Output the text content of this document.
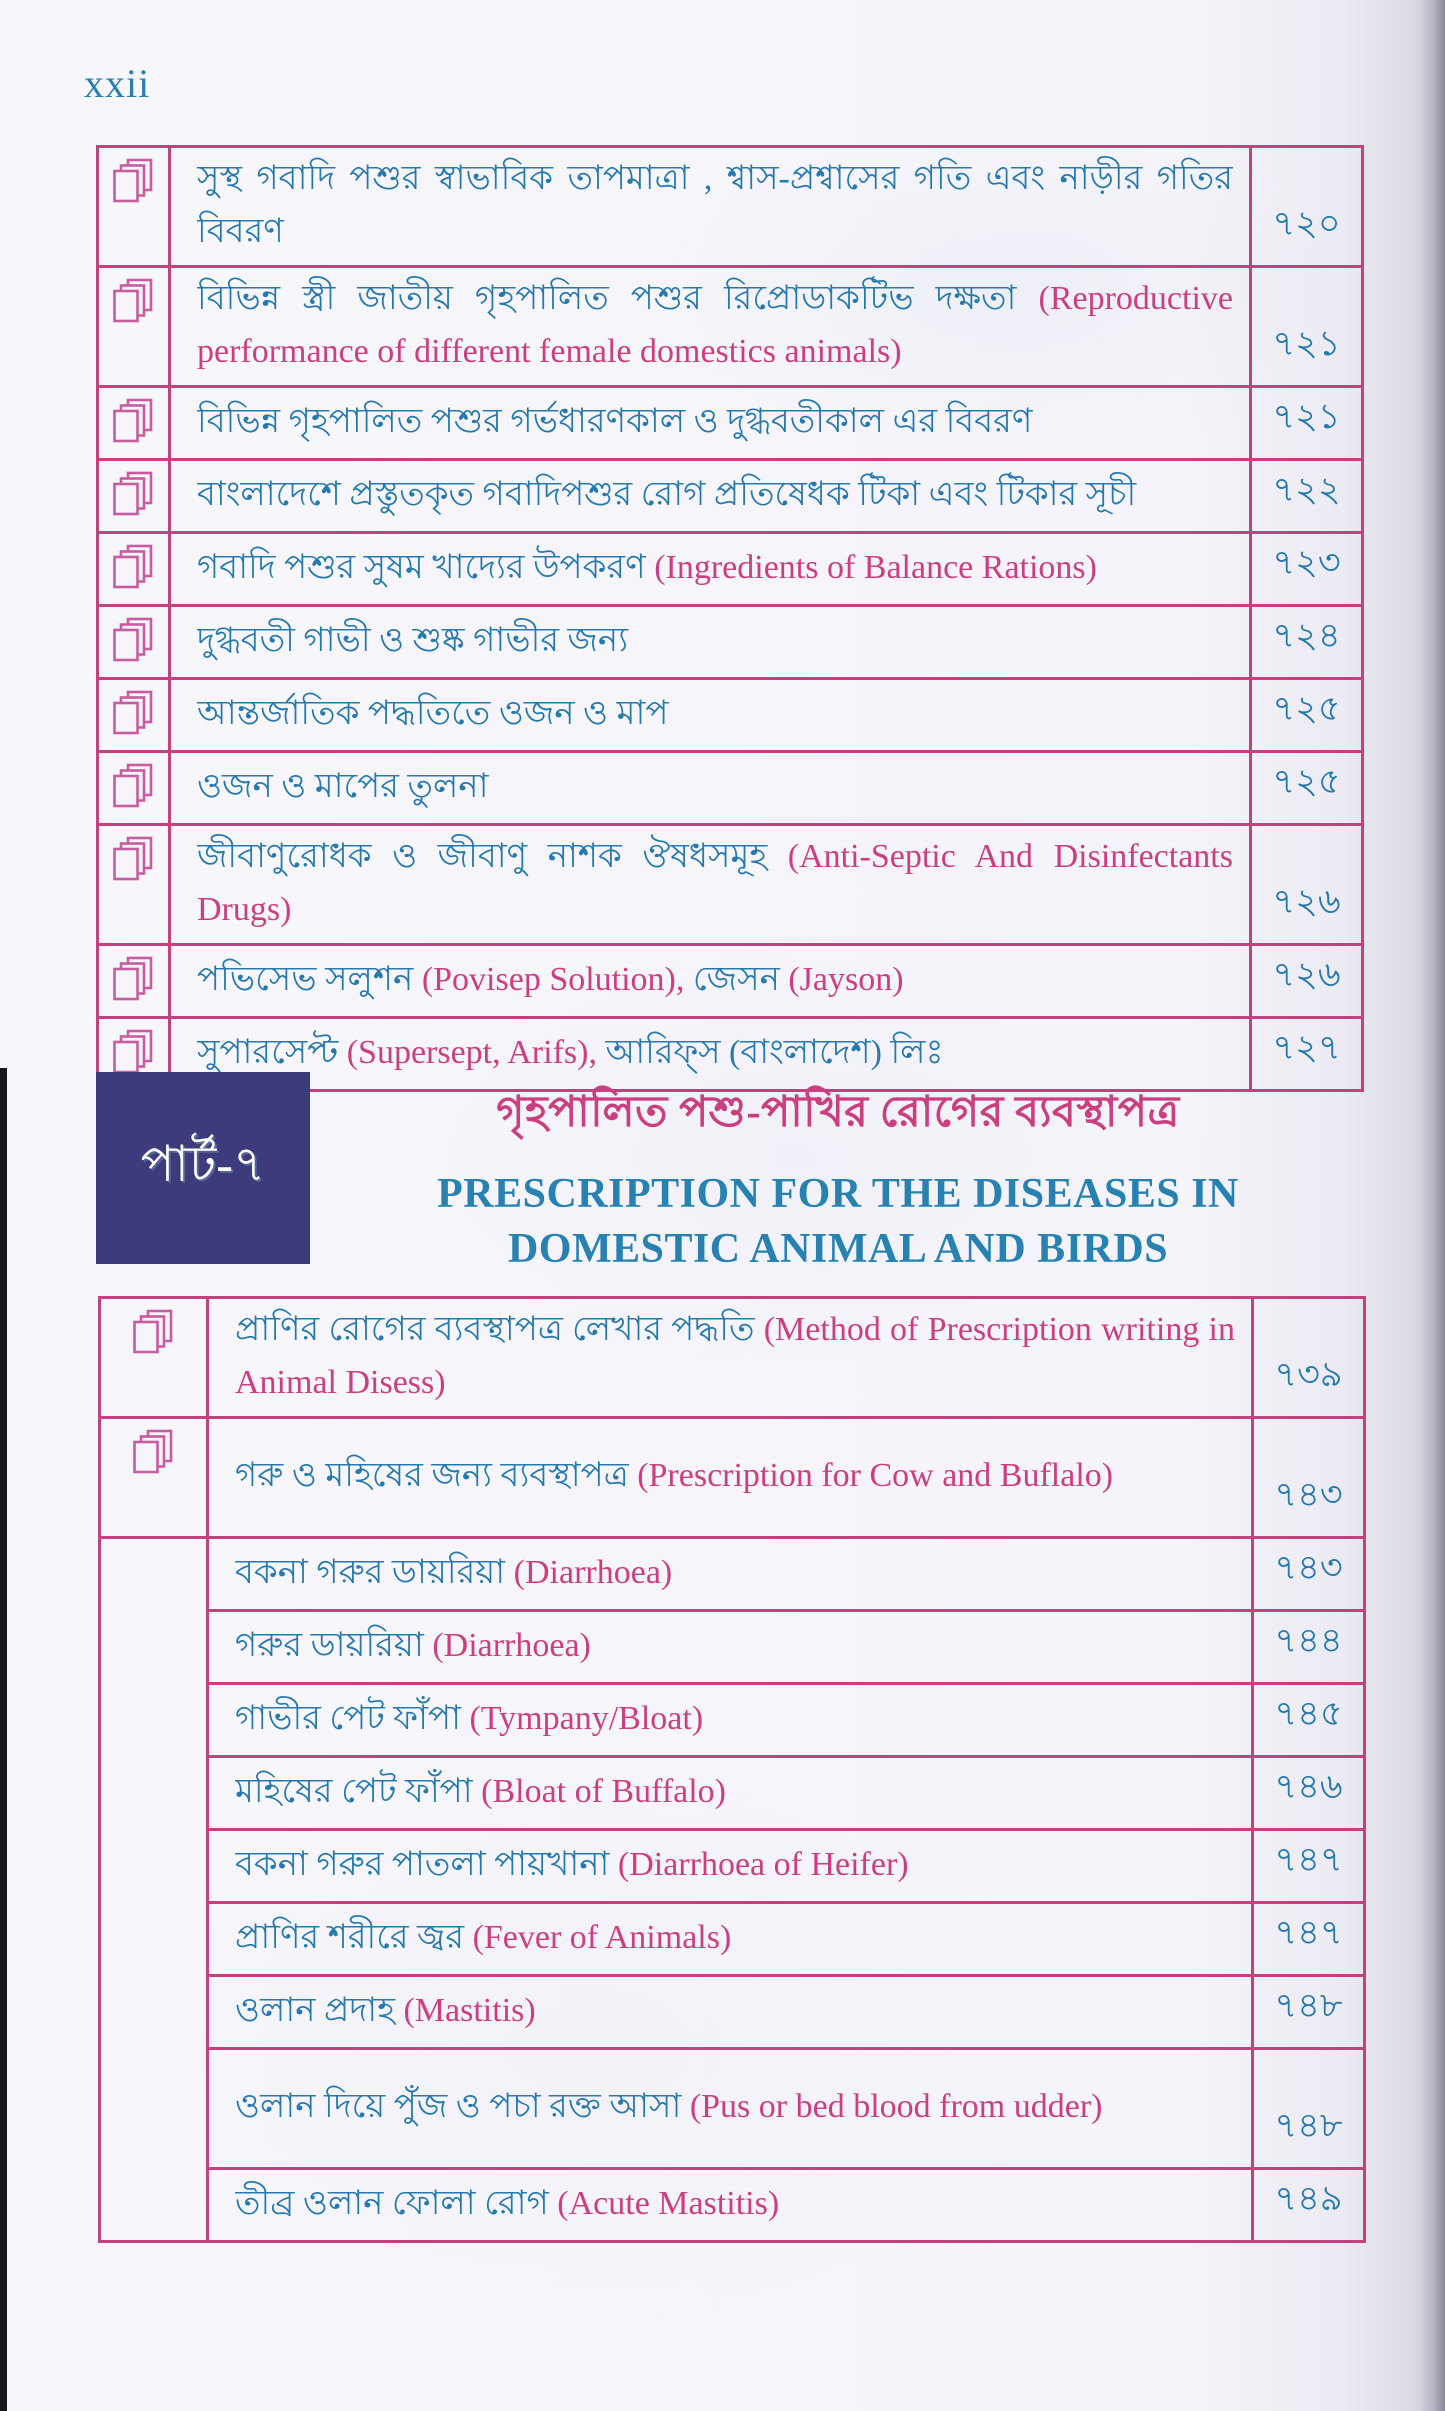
xxii

সুস্থ গবাদি পশুর স্বাভাবিক তাপমাত্রা , শ্বাস-প্রশ্বাসের গতি এবং নাড়ীর গতির বিবরণ	৭২০

বিভিন্ন স্ত্রী জাতীয় গৃহপালিত পশুর রিপ্রোডাকটিভ দক্ষতা (Reproductive performance of different female domestics animals)	৭২১

বিভিন্ন গৃহপালিত পশুর গর্ভধারণকাল ও দুগ্ধবতীকাল এর বিবরণ	৭২১

বাংলাদেশে প্রস্তুতকৃত গবাদিপশুর রোগ প্রতিষেধক টিকা এবং টিকার সূচী	৭২২

গবাদি পশুর সুষম খাদ্যের উপকরণ (Ingredients of Balance Rations)	৭২৩

দুগ্ধবতী গাভী ও শুষ্ক গাভীর জন্য	৭২৪

আন্তর্জাতিক পদ্ধতিতে ওজন ও মাপ	৭২৫

ওজন ও মাপের তুলনা	৭২৫

জীবাণুরোধক ও জীবাণু নাশক ঔষধসমূহ (Anti-Septic And Disinfectants Drugs)	৭২৬

পভিসেভ সলুশন (Povisep Solution), জেসন (Jayson)	৭২৬

সুপারসেপ্ট (Supersept, Arifs), আরিফ্‌স (বাংলাদেশ) লিঃ	৭২৭
পার্ট-৭
গৃহপালিত পশু-পাখির রোগের ব্যবস্থাপত্র
PRESCRIPTION FOR THE DISEASES IN
DOMESTIC ANIMAL AND BIRDS

প্রাণির রোগের ব্যবস্থাপত্র লেখার পদ্ধতি (Method of Prescription writing in Animal Disess)	৭৩৯

গরু ও মহিষের জন্য ব্যবস্থাপত্র (Prescription for Cow and Buflalo)	৭৪৩

	বকনা গরুর ডায়রিয়া (Diarrhoea)	৭৪৩

	গরুর ডায়রিয়া (Diarrhoea)	৭৪৪

	গাভীর পেট ফাঁপা (Tympany/Bloat)	৭৪৫

	মহিষের পেট ফাঁপা (Bloat of Buffalo)	৭৪৬

	বকনা গরুর পাতলা পায়খানা (Diarrhoea of Heifer)	৭৪৭

	প্রাণির শরীরে জ্বর (Fever of Animals)	৭৪৭

	ওলান প্রদাহ (Mastitis)	৭৪৮

	ওলান দিয়ে পুঁজ ও পচা রক্ত আসা (Pus or bed blood from udder)	৭৪৮

	তীব্র ওলান ফোলা রোগ (Acute Mastitis)	৭৪৯
